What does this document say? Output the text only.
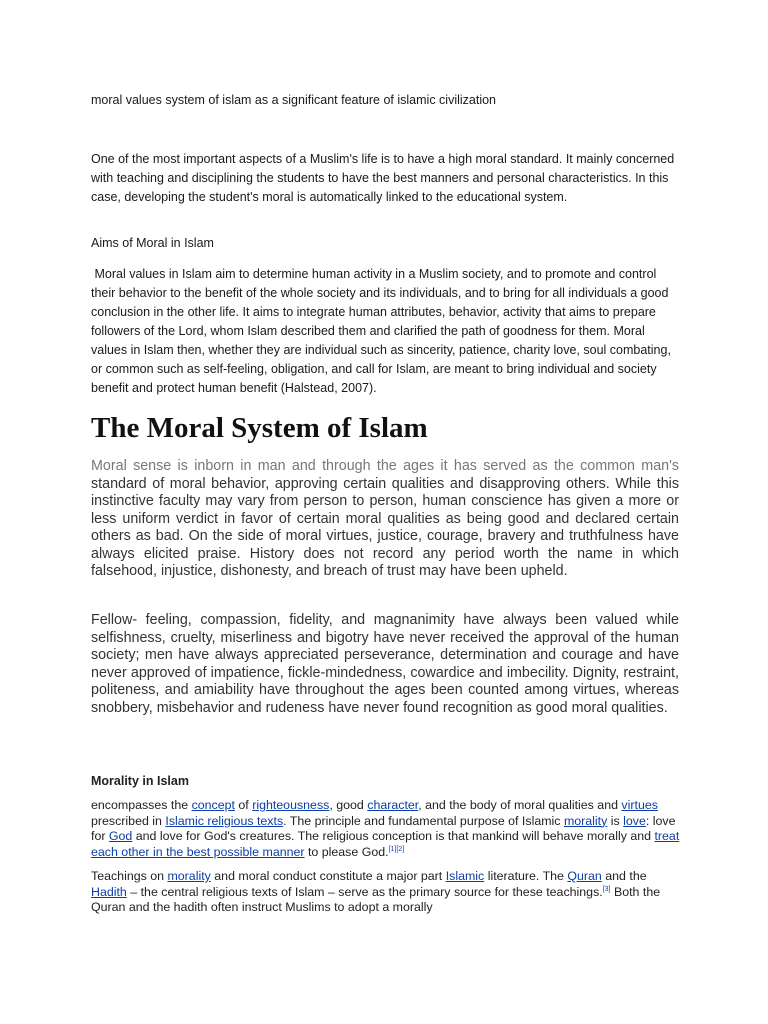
moral values system of islam as a significant feature of islamic civilization
One of the most important aspects of a Muslim's life is to have a high moral standard. It mainly concerned with teaching and disciplining the students to have the best manners and personal characteristics. In this case, developing the student's moral is automatically linked to the educational system.
Aims of Moral in Islam
Moral values in Islam aim to determine human activity in a Muslim society, and to promote and control their behavior to the benefit of the whole society and its individuals, and to bring for all individuals a good conclusion in the other life. It aims to integrate human attributes, behavior, activity that aims to prepare followers of the Lord, whom Islam described them and clarified the path of goodness for them. Moral values in Islam then, whether they are individual such as sincerity, patience, charity love, soul combating, or common such as self-feeling, obligation, and call for Islam, are meant to bring individual and society benefit and protect human benefit (Halstead, 2007).
The Moral System of Islam
Moral sense is inborn in man and through the ages it has served as the common man's standard of moral behavior, approving certain qualities and disapproving others. While this instinctive faculty may vary from person to person, human conscience has given a more or less uniform verdict in favor of certain moral qualities as being good and declared certain others as bad. On the side of moral virtues, justice, courage, bravery and truthfulness have always elicited praise. History does not record any period worth the name in which falsehood, injustice, dishonesty, and breach of trust may have been upheld.
Fellow- feeling, compassion, fidelity, and magnanimity have always been valued while selfishness, cruelty, miserliness and bigotry have never received the approval of the human society; men have always appreciated perseverance, determination and courage and have never approved of impatience, fickle-mindedness, cowardice and imbecility. Dignity, restraint, politeness, and amiability have throughout the ages been counted among virtues, whereas snobbery, misbehavior and rudeness have never found recognition as good moral qualities.
Morality in Islam
encompasses the concept of righteousness, good character, and the body of moral qualities and virtues prescribed in Islamic religious texts. The principle and fundamental purpose of Islamic morality is love: love for God and love for God's creatures. The religious conception is that mankind will behave morally and treat each other in the best possible manner to please God.[1][2]
Teachings on morality and moral conduct constitute a major part Islamic literature. The Quran and the Hadith – the central religious texts of Islam – serve as the primary source for these teachings.[3] Both the Quran and the hadith often instruct Muslims to adopt a morally
